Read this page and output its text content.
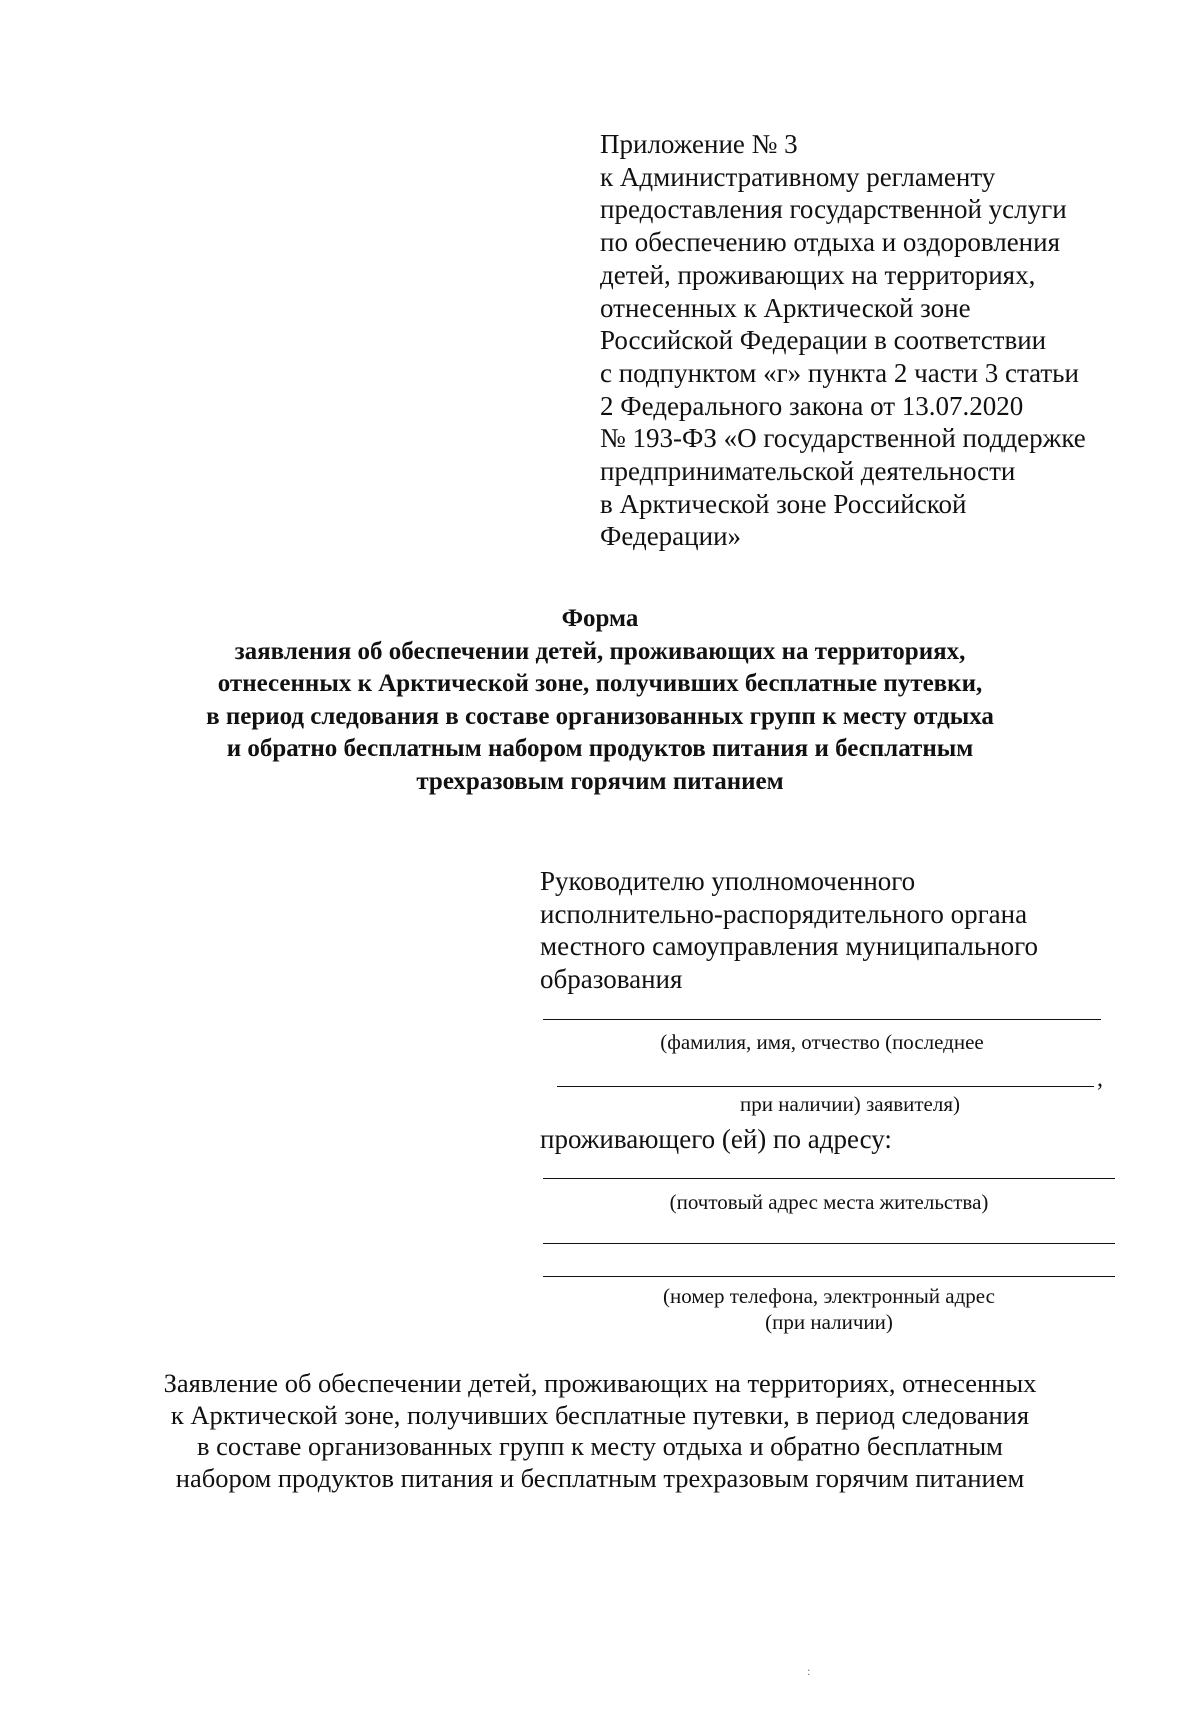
Приложение № 3
к Административному регламенту
предоставления государственной услуги
по обеспечению отдыха и оздоровления
детей, проживающих на территориях,
отнесенных к Арктической зоне
Российской Федерации в соответствии
с подпунктом «г» пункта 2 части 3 статьи
2 Федерального закона от 13.07.2020
№ 193-ФЗ «О государственной поддержке
предпринимательской деятельности
в Арктической зоне Российской
Федерации»
Форма
заявления об обеспечении детей, проживающих на территориях,
отнесенных к Арктической зоне, получивших бесплатные путевки,
в период следования в составе организованных групп к месту отдыха
и обратно бесплатным набором продуктов питания и бесплатным
трехразовым горячим питанием
Руководителю уполномоченного
исполнительно-распорядительного органа
местного самоуправления муниципального
образования
(фамилия, имя, отчество (последнее
,
при наличии) заявителя)
проживающего (ей) по адресу:
(почтовый адрес места жительства)
(номер телефона, электронный адрес
(при наличии)
Заявление об обеспечении детей, проживающих на территориях, отнесенных
к Арктической зоне, получивших бесплатные путевки, в период следования
в составе организованных групп к месту отдыха и обратно бесплатным
набором продуктов питания и бесплатным трехразовым горячим питанием
:
